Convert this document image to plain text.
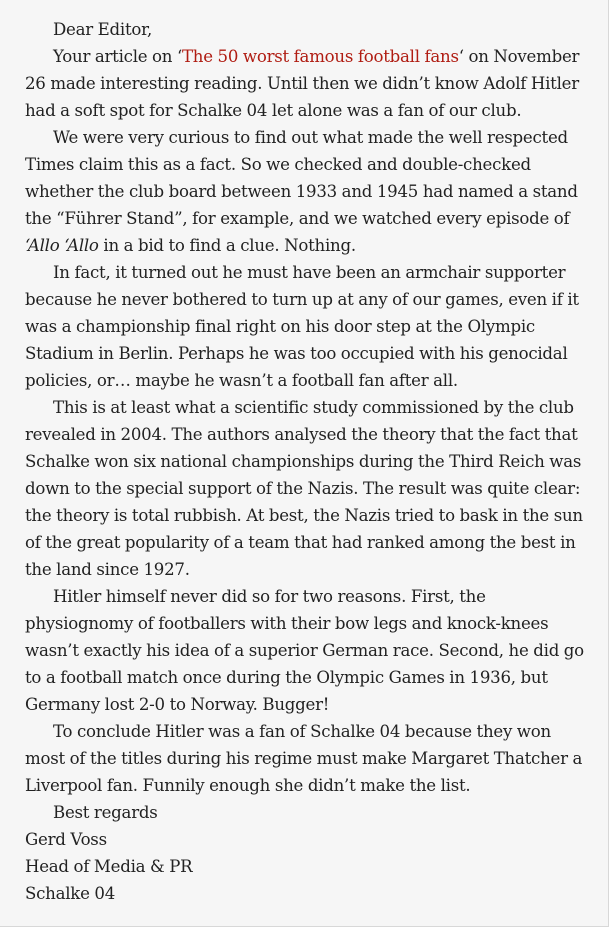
Dear Editor,

Your article on ‘The 50 worst famous football fans‘ on November 26 made interesting reading. Until then we didn’t know Adolf Hitler had a soft spot for Schalke 04 let alone was a fan of our club.

We were very curious to find out what made the well respected Times claim this as a fact. So we checked and double-checked whether the club board between 1933 and 1945 had named a stand the “Führer Stand”, for example, and we watched every episode of ‘Allo ‘Allo in a bid to find a clue. Nothing.

In fact, it turned out he must have been an armchair supporter because he never bothered to turn up at any of our games, even if it was a championship final right on his door step at the Olympic Stadium in Berlin. Perhaps he was too occupied with his genocidal policies, or… maybe he wasn’t a football fan after all.

This is at least what a scientific study commissioned by the club revealed in 2004. The authors analysed the theory that the fact that Schalke won six national championships during the Third Reich was down to the special support of the Nazis. The result was quite clear: the theory is total rubbish. At best, the Nazis tried to bask in the sun of the great popularity of a team that had ranked among the best in the land since 1927.

Hitler himself never did so for two reasons. First, the physiognomy of footballers with their bow legs and knock-knees wasn’t exactly his idea of a superior German race. Second, he did go to a football match once during the Olympic Games in 1936, but Germany lost 2-0 to Norway. Bugger!

To conclude Hitler was a fan of Schalke 04 because they won most of the titles during his regime must make Margaret Thatcher a Liverpool fan. Funnily enough she didn’t make the list.

Best regards

Gerd Voss

Head of Media & PR

Schalke 04
